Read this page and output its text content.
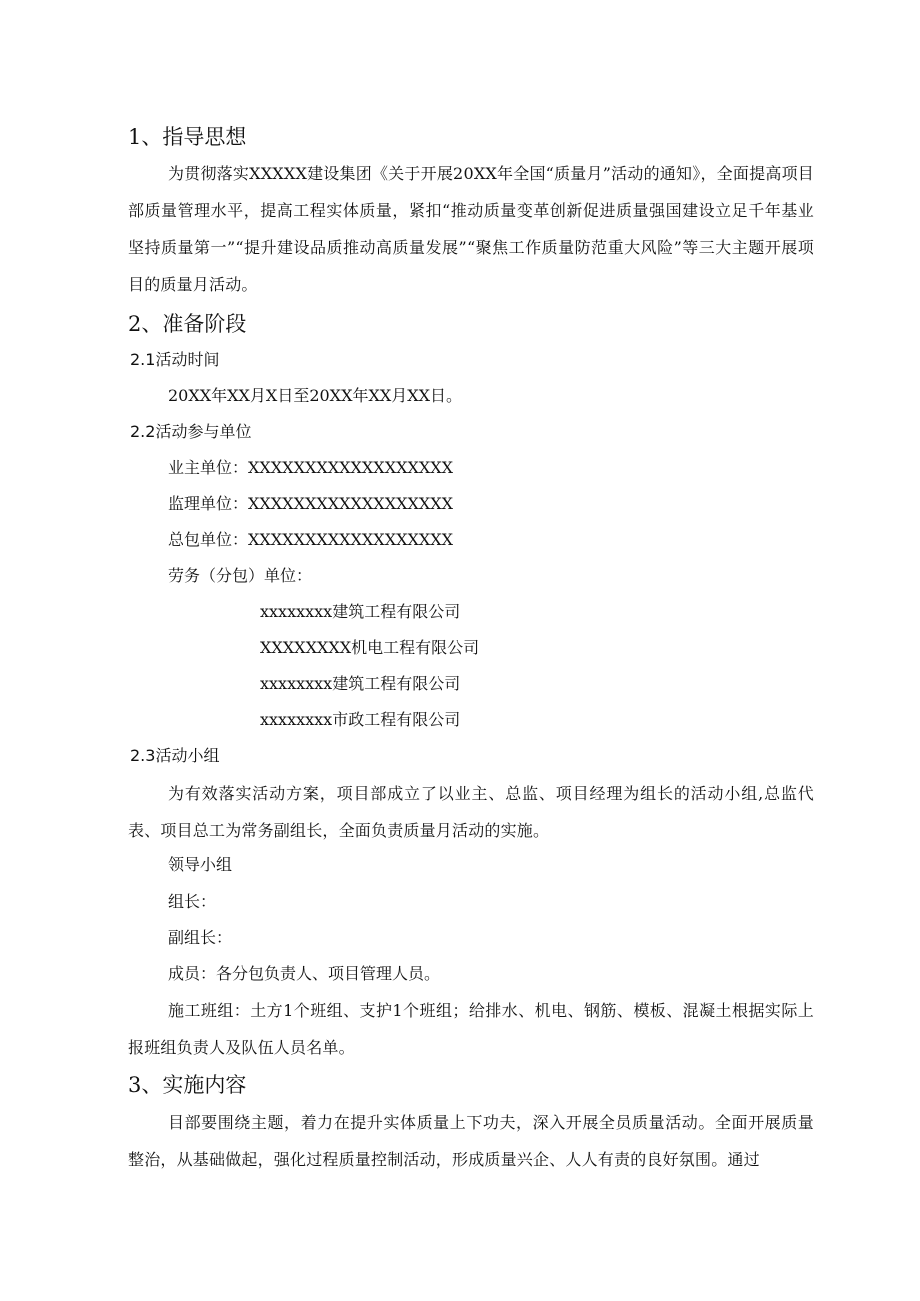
1、指导思想
为贯彻落实XXXXX建设集团《关于开展20XX年全国“质量月”活动的通知》，全面提高项目部质量管理水平，提高工程实体质量，紧扣“推动质量变革创新促进质量强国建设立足千年基业坚持质量第一”“提升建设品质推动高质量发展”“聚焦工作质量防范重大风险”等三大主题开展项目的质量月活动。
2、准备阶段
2.1活动时间
20XX年XX月X日至20XX年XX月XX日。
2.2活动参与单位
业主单位：XXXXXXXXXXXXXXXXXX
监理单位：XXXXXXXXXXXXXXXXXX
总包单位：XXXXXXXXXXXXXXXXXX
劳务（分包）单位：
xxxxxxxx建筑工程有限公司
XXXXXXXX机电工程有限公司
xxxxxxxx建筑工程有限公司
xxxxxxxx市政工程有限公司
2.3活动小组
为有效落实活动方案，项目部成立了以业主、总监、项目经理为组长的活动小组,总监代表、项目总工为常务副组长，全面负责质量月活动的实施。
领导小组
组长：
副组长：
成员：各分包负责人、项目管理人员。
施工班组：土方1个班组、支护1个班组；给排水、机电、钢筋、模板、混凝土根据实际上报班组负责人及队伍人员名单。
3、实施内容
目部要围绕主题，着力在提升实体质量上下功夫，深入开展全员质量活动。全面开展质量整治，从基础做起，强化过程质量控制活动，形成质量兴企、人人有责的良好氛围。通过
